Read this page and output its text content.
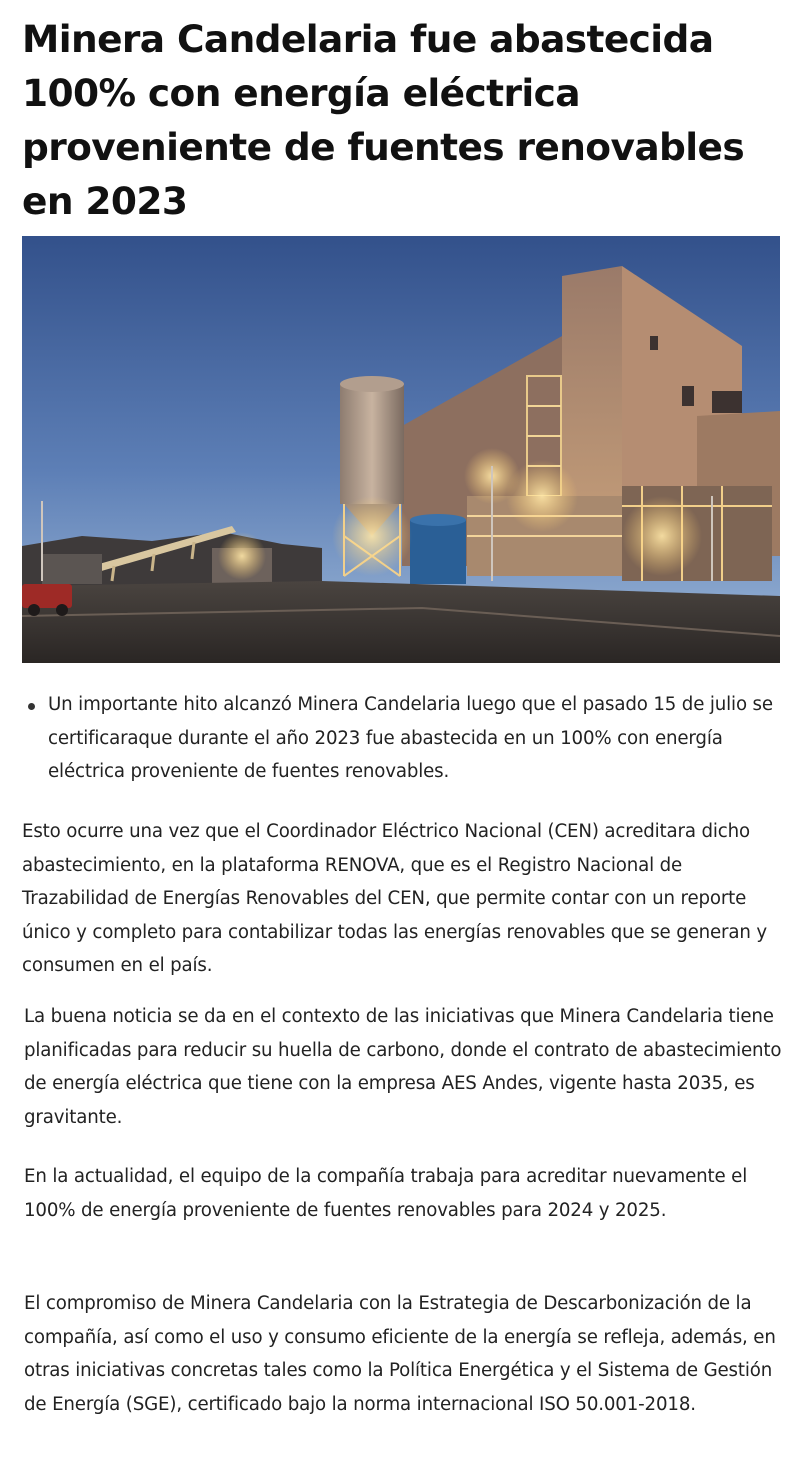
Minera Candelaria fue abastecida 100% con energía eléctrica proveniente de fuentes renovables en 2023
Un importante hito alcanzó Minera Candelaria luego que el pasado 15 de julio se certificaraque durante el año 2023 fue abastecida en un 100% con energía eléctrica proveniente de fuentes renovables.

Esto ocurre una vez que el Coordinador Eléctrico Nacional (CEN) acreditara dicho abastecimiento, en la plataforma RENOVA, que es el Registro Nacional de Trazabilidad de Energías Renovables del CEN, que permite contar con un reporte único y completo para contabilizar todas las energías renovables que se generan y consumen en el país.

La buena noticia se da en el contexto de las iniciativas que Minera Candelaria tiene planificadas para reducir su huella de carbono, donde el contrato de abastecimiento de energía eléctrica que tiene con la empresa AES Andes, vigente hasta 2035, es gravitante.

En la actualidad, el equipo de la compañía trabaja para acreditar nuevamente el 100% de energía proveniente de fuentes renovables para 2024 y 2025.

El compromiso de Minera Candelaria con la Estrategia de Descarbonización de la compañía, así como el uso y consumo eficiente de la energía se refleja, además, en otras iniciativas concretas tales como la Política Energética y el Sistema de Gestión de Energía (SGE), certificado bajo la norma internacional ISO 50.001-2018.
